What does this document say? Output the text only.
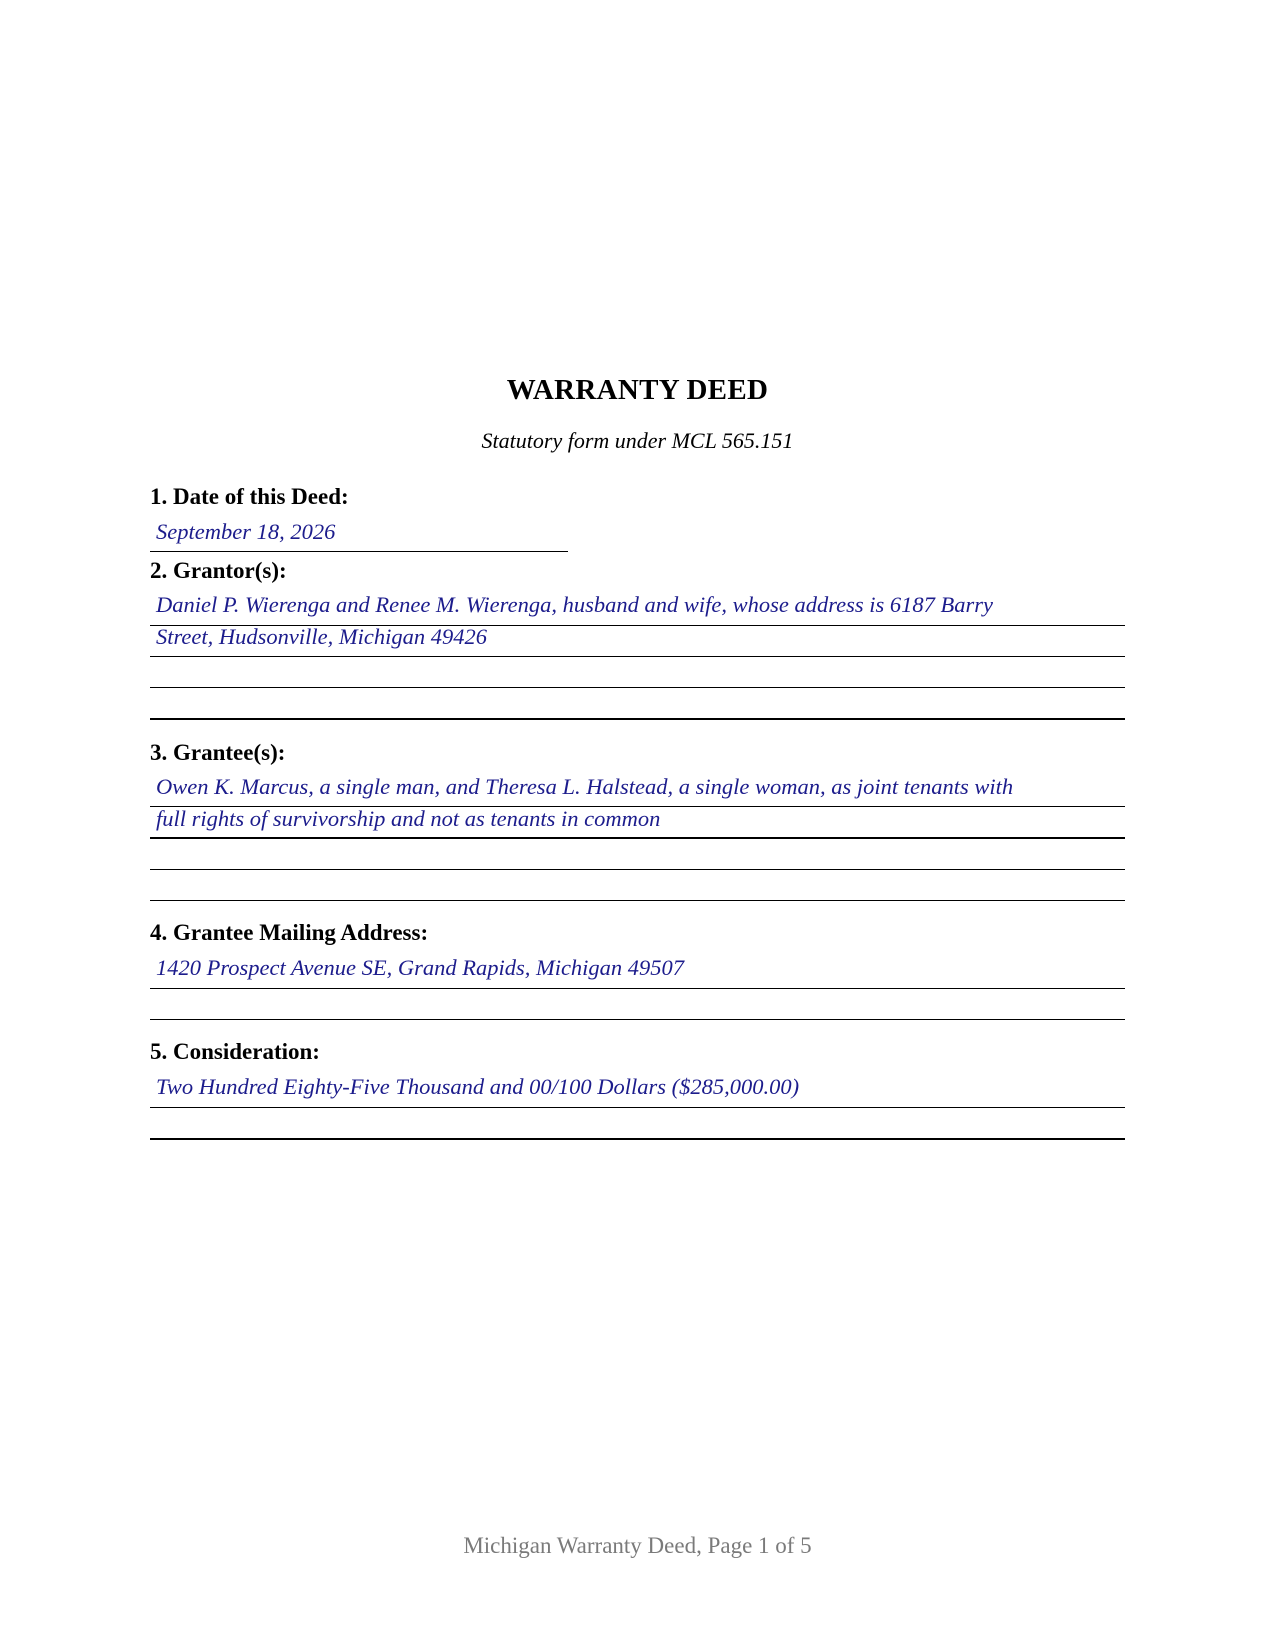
WARRANTY DEED
Statutory form under MCL 565.151
1. Date of this Deed:
September 18, 2026
2. Grantor(s):
Daniel P. Wierenga and Renee M. Wierenga, husband and wife, whose address is 6187 Barry
Street, Hudsonville, Michigan 49426
3. Grantee(s):
Owen K. Marcus, a single man, and Theresa L. Halstead, a single woman, as joint tenants with
full rights of survivorship and not as tenants in common
4. Grantee Mailing Address:
1420 Prospect Avenue SE, Grand Rapids, Michigan 49507
5. Consideration:
Two Hundred Eighty-Five Thousand and 00/100 Dollars ($285,000.00)
Michigan Warranty Deed, Page 1 of 5
